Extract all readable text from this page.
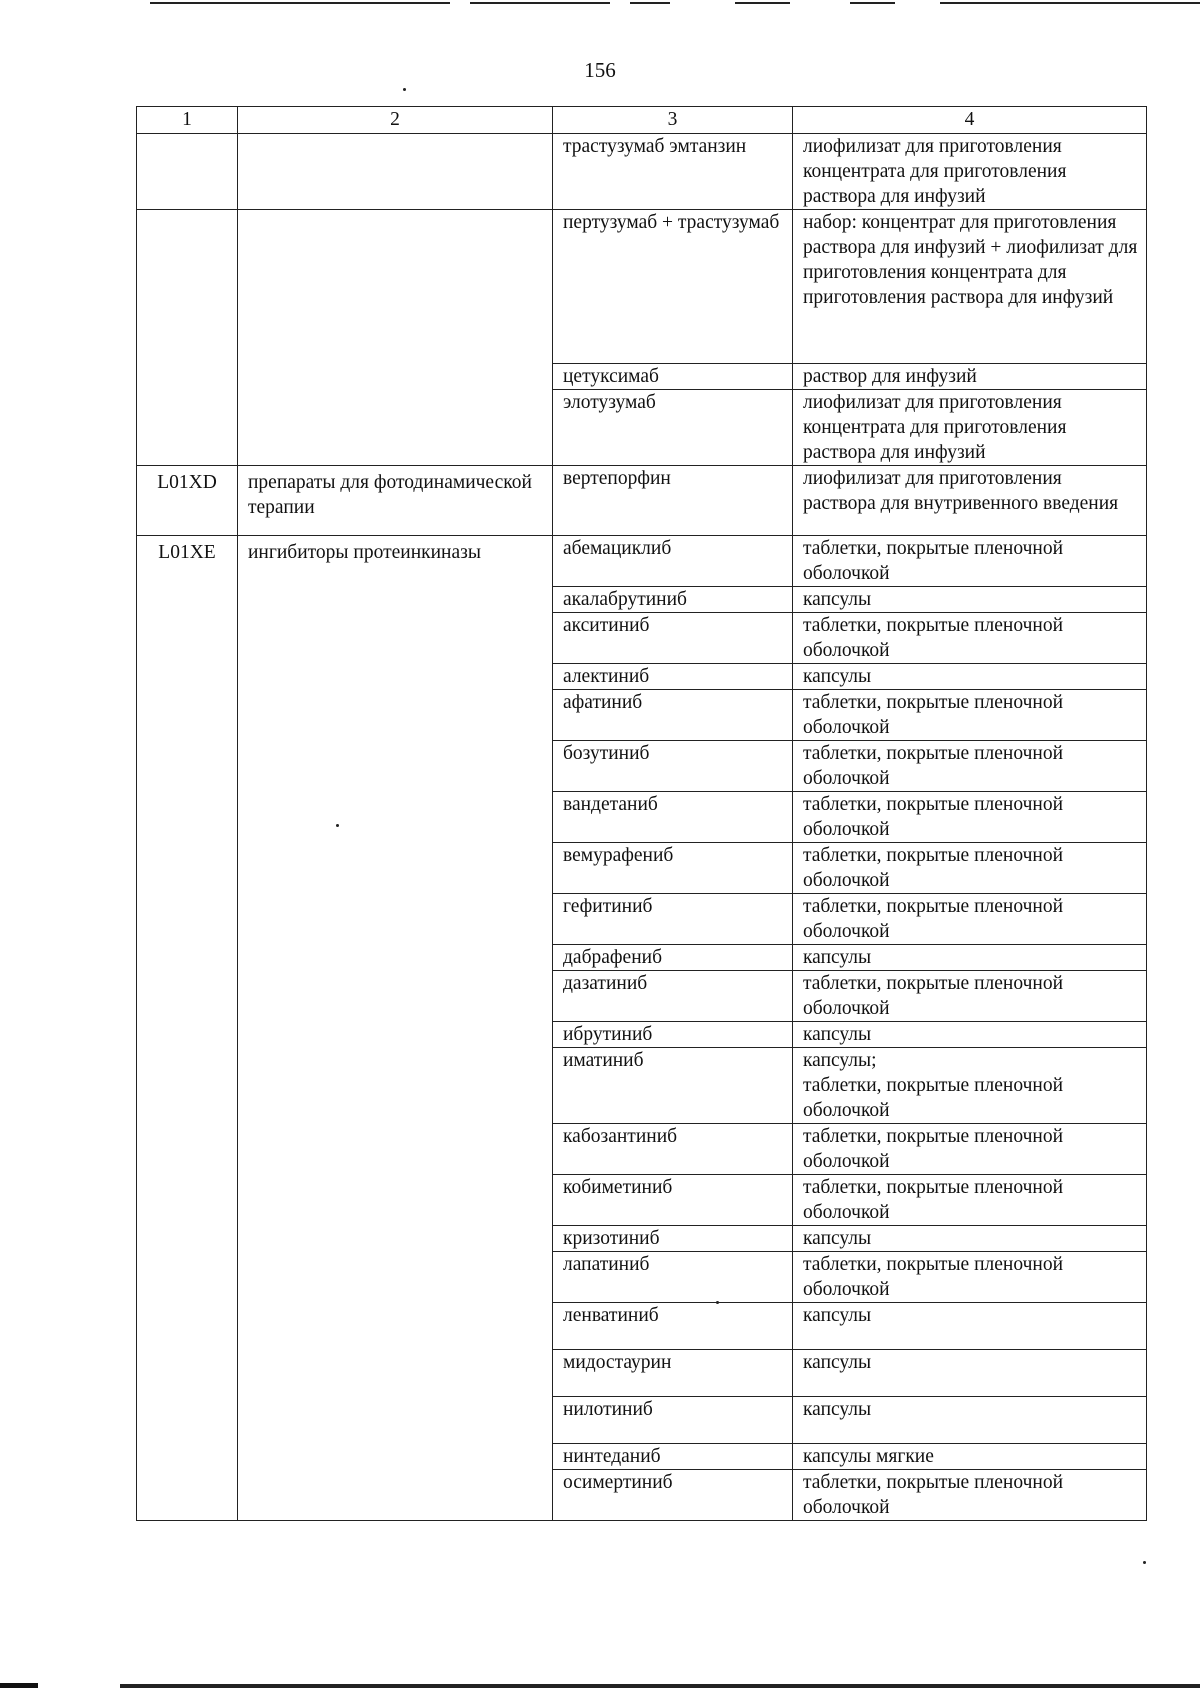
156
1	2	3	4
		трастузумаб эмтанзин	лиофилизат для приготовления концентрата для приготовления раствора для инфузий
		пертузумаб + трастузумаб	набор: концентрат для приготовления раствора для инфузий + лиофилизат для приготовления концентрата для приготовления раствора для инфузий
		цетуксимаб	раствор для инфузий
		элотузумаб	лиофилизат для приготовления концентрата для приготовления раствора для инфузий
L01XD	препараты для фотодинамической терапии	вертепорфин	лиофилизат для приготовления раствора для внутривенного введения
L01XE	ингибиторы протеинкиназы	абемациклиб	таблетки, покрытые пленочной оболочкой
		акалабрутиниб	капсулы
		акситиниб	таблетки, покрытые пленочной оболочкой
		алектиниб	капсулы
		афатиниб	таблетки, покрытые пленочной оболочкой
		бозутиниб	таблетки, покрытые пленочной оболочкой
		вандетаниб	таблетки, покрытые пленочной оболочкой
		вемурафениб	таблетки, покрытые пленочной оболочкой
		гефитиниб	таблетки, покрытые пленочной оболочкой
		дабрафениб	капсулы
		дазатиниб	таблетки, покрытые пленочной оболочкой
		ибрутиниб	капсулы
		иматиниб	капсулы;
таблетки, покрытые пленочной оболочкой
		кабозантиниб	таблетки, покрытые пленочной оболочкой
		кобиметиниб	таблетки, покрытые пленочной оболочкой
		кризотиниб	капсулы
		лапатиниб	таблетки, покрытые пленочной оболочкой
		ленватиниб	капсулы
		мидостаурин	капсулы
		нилотиниб	капсулы
		нинтеданиб	капсулы мягкие
		осимертиниб	таблетки, покрытые пленочной оболочкой
